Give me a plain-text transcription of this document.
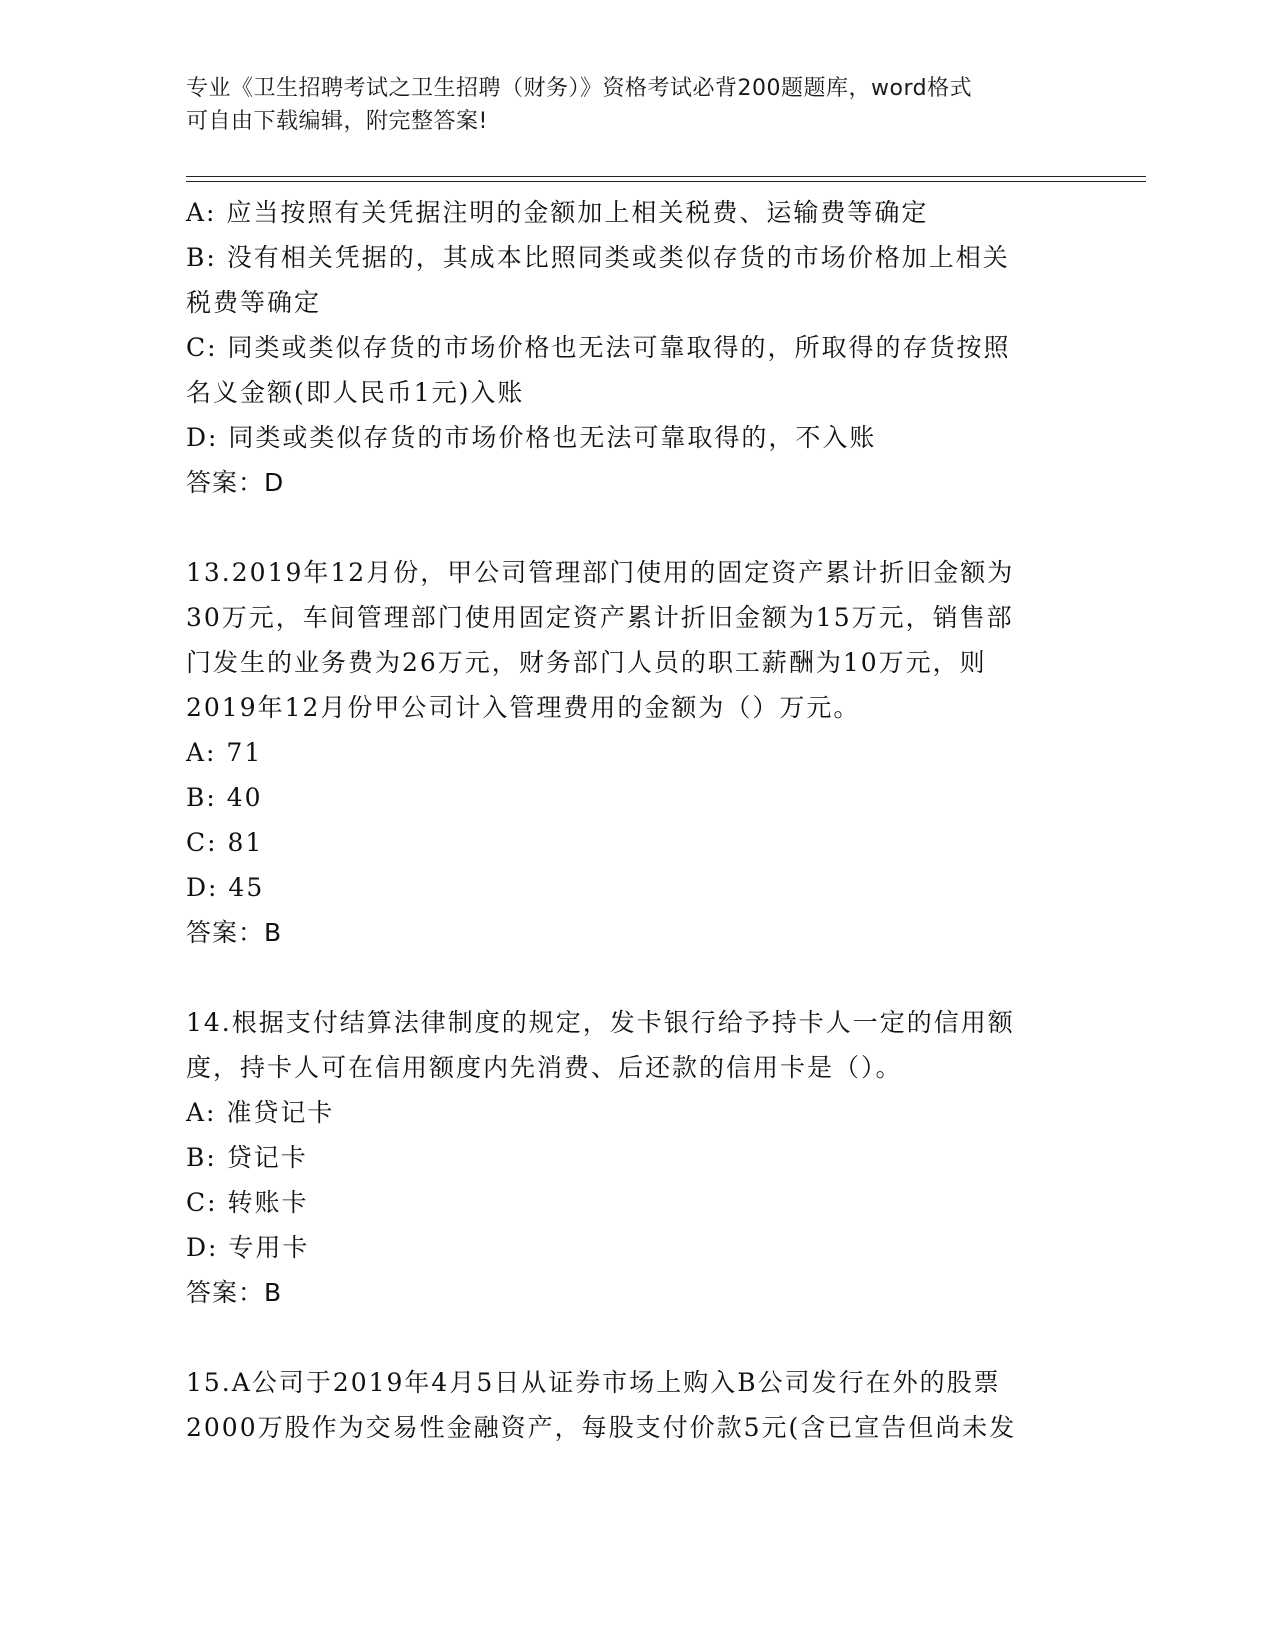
专业《卫生招聘考试之卫生招聘（财务）》资格考试必背200题题库，word格式
可自由下载编辑，附完整答案!

A: 应当按照有关凭据注明的金额加上相关税费、运输费等确定

B: 没有相关凭据的，其成本比照同类或类似存货的市场价格加上相关

税费等确定

C: 同类或类似存货的市场价格也无法可靠取得的，所取得的存货按照

名义金额(即人民币1元)入账

D: 同类或类似存货的市场价格也无法可靠取得的，不入账

答案：D

13.2019年12月份，甲公司管理部门使用的固定资产累计折旧金额为

30万元，车间管理部门使用固定资产累计折旧金额为15万元，销售部

门发生的业务费为26万元，财务部门人员的职工薪酬为10万元，则

2019年12月份甲公司计入管理费用的金额为（）万元。

A: 71

B: 40

C: 81

D: 45

答案：B

14.根据支付结算法律制度的规定，发卡银行给予持卡人一定的信用额

度，持卡人可在信用额度内先消费、后还款的信用卡是（）。

A: 准贷记卡

B: 贷记卡

C: 转账卡

D: 专用卡

答案：B

15.A公司于2019年4月5日从证券市场上购入B公司发行在外的股票

2000万股作为交易性金融资产，每股支付价款5元(含已宣告但尚未发
